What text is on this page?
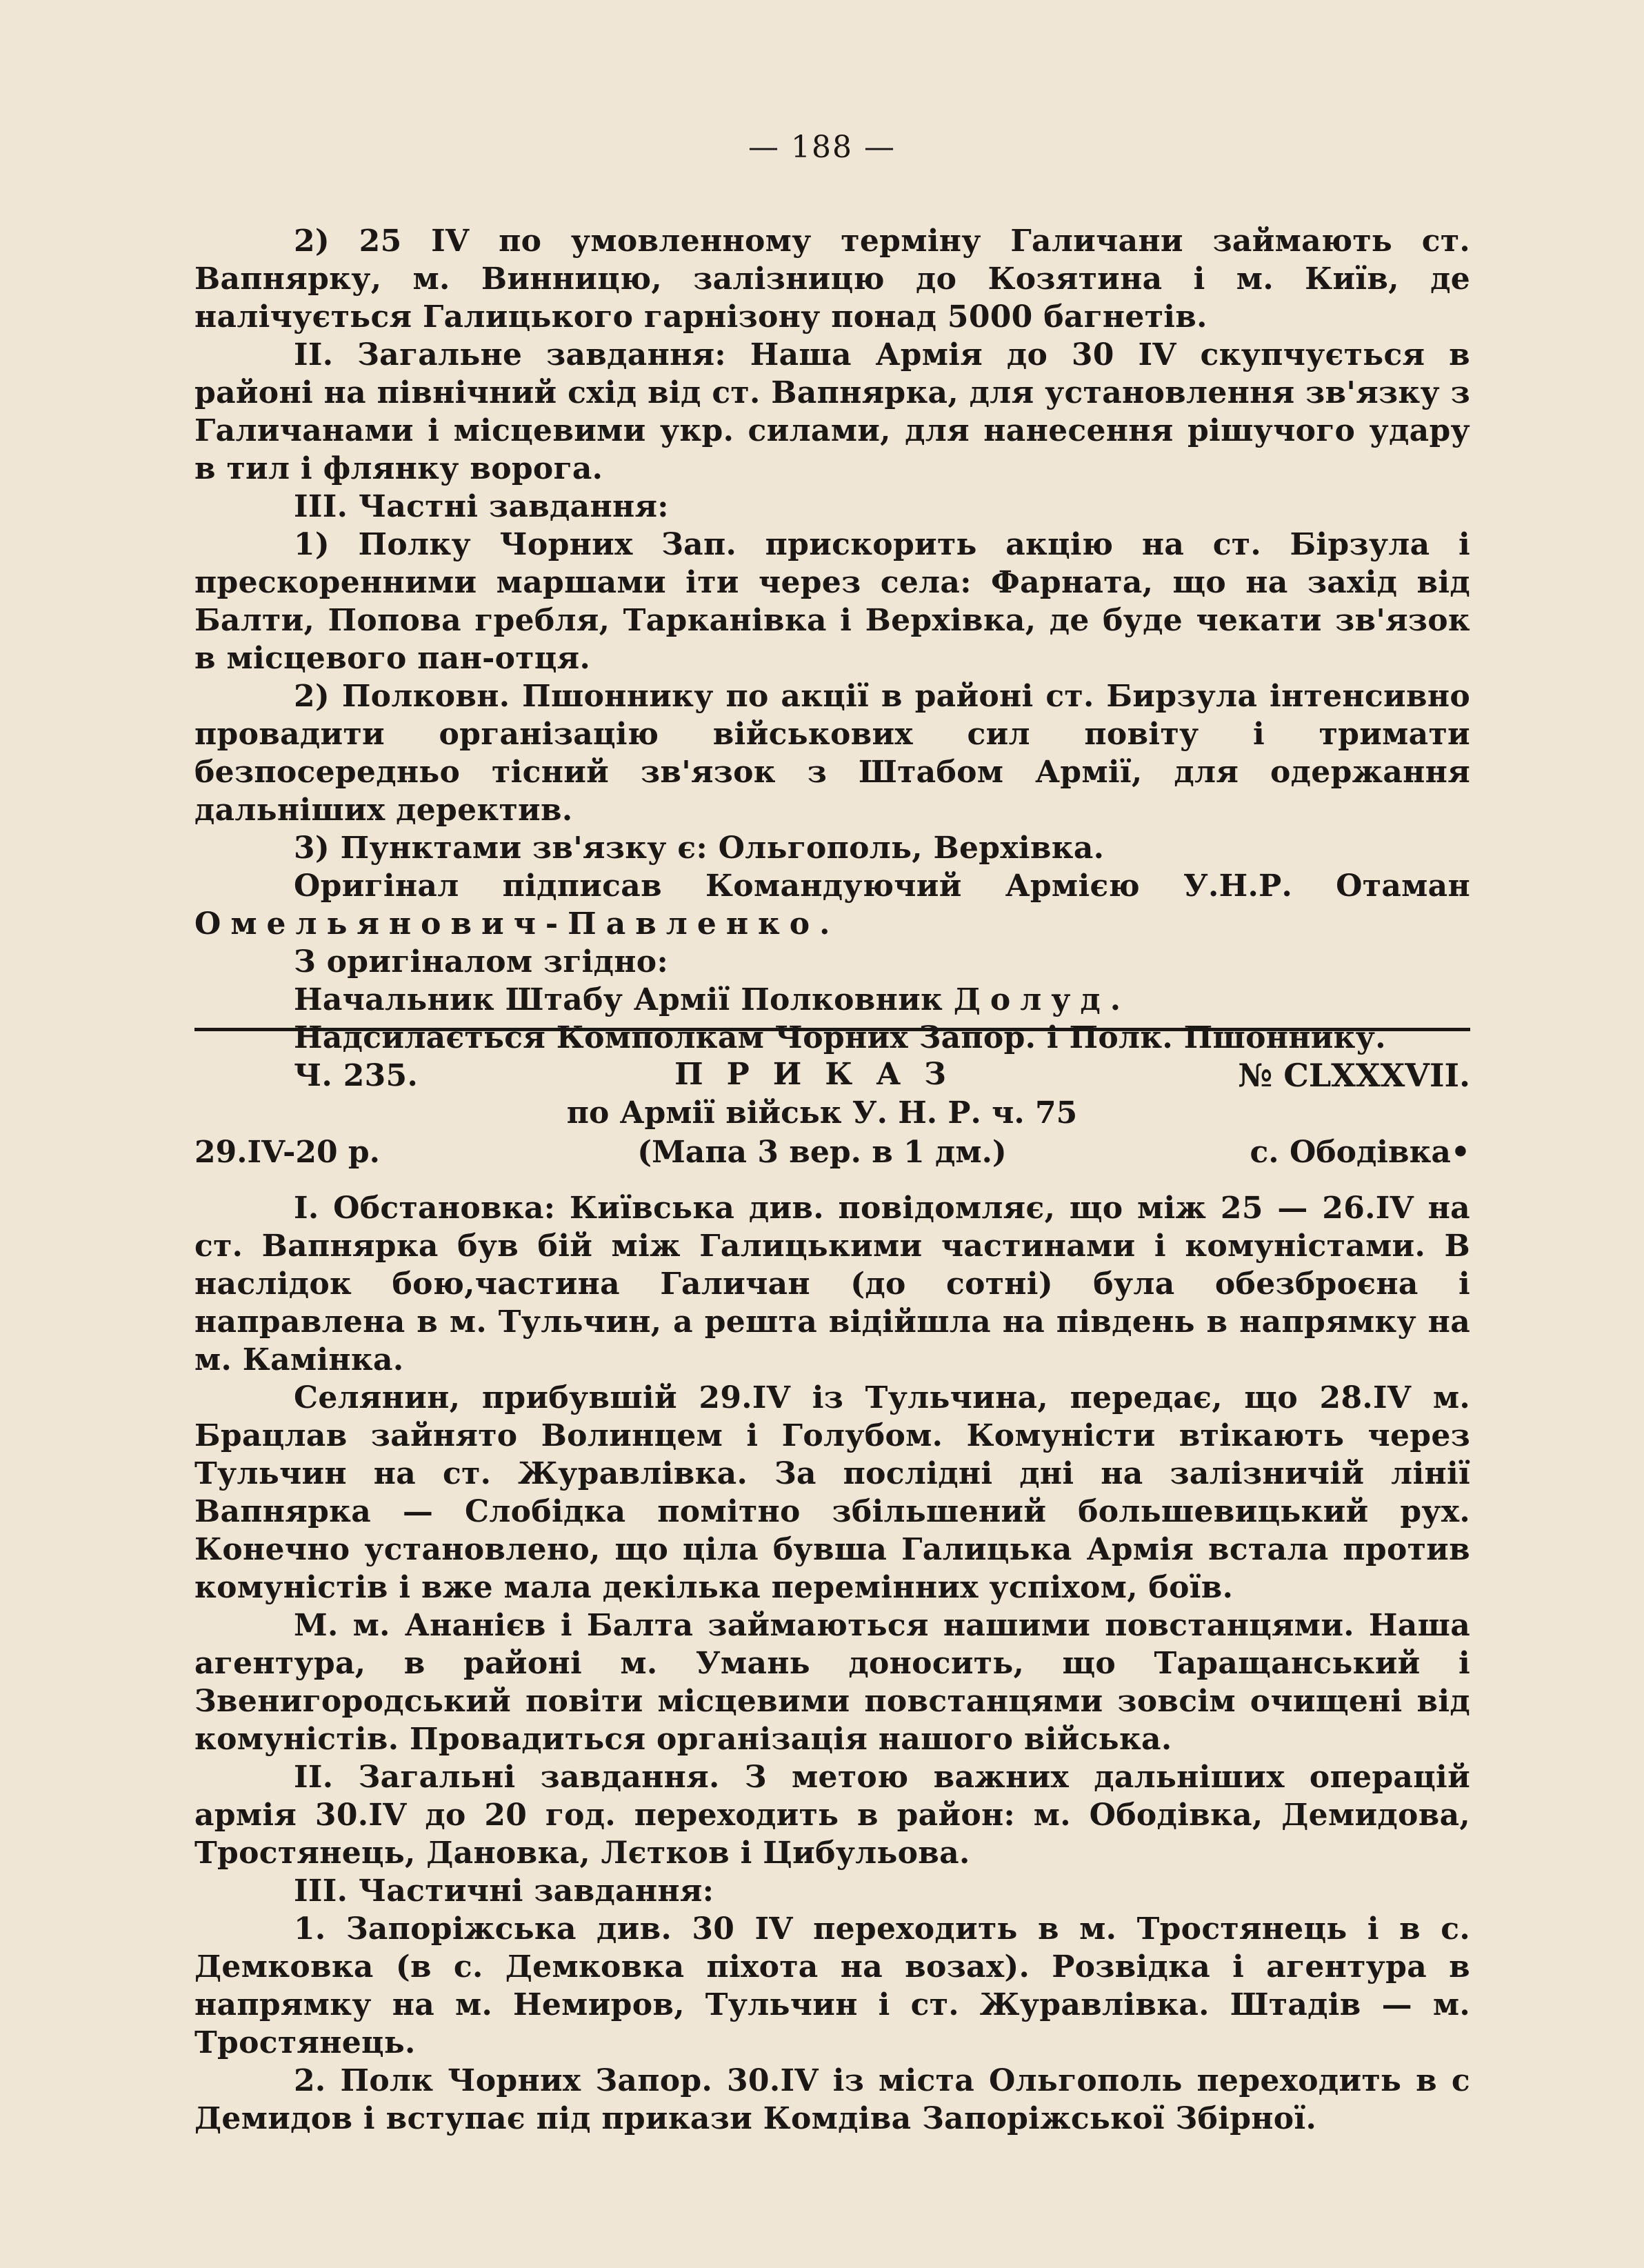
— 188 —

2) 25 IV по умовленному терміну Галичани займають ст. Вапнярку, м. Винницю, залізницю до Козятина і м. Київ, де налічується Галицького гарнізону понад 5000 багнетів.

II. Загальне завдання: Наша Армія до 30 IV скупчується в районі на північний схід від ст. Вапнярка, для установлення зв'язку з Галичанами і місцевими укр. силами, для нанесення рішучого удару в тил і флянку ворога.

III. Частні завдання:

1) Полку Чорних Зап. прискорить акцію на ст. Бірзула і прескоренними маршами іти через села: Фарната, що на захід від Балти, Попова гребля, Тарканівка і Верхівка, де буде чекати зв'язок в місцевого пан-отця.

2) Полковн. Пшоннику по акції в районі ст. Бирзула інтенсивно провадити організацію військових сил повіту і тримати безпосередньо тісний зв'язок з Штабом Армії, для одержання дальніших деректив.

3) Пунктами зв'язку є: Ольгополь, Верхівка.

Оригінал підписав Командуючий Армією У.Н.Р. Отаман Омельянович-Павленко.

З оригіналом згідно:

Начальник Штабу Армії Полковник Долуд.

Надсилається Комполкам Чорних Запор. і Полк. Пшоннику.

Ч. 235.	ПРИКАЗ	№ CLXXXVII.
по Армії військ У. Н. Р. ч. 75
29.IV-20 р.	(Мапа 3 вер. в 1 дм.)	с. Ободівка•

I. Обстановка: Київська див. повідомляє, що між 25 — 26.IV на ст. Вапнярка був бій між Галицькими частинами і комуністами. В наслідок бою,частина Галичан (до сотні) була обезброєна і направлена в м. Тульчин, а решта відійшла на південь в напрямку на м. Камінка.

Селянин, прибувшій 29.IV із Тульчина, передає, що 28.IV м. Брацлав зайнято Волинцем і Голубом. Комуністи втікають через Тульчин на ст. Журавлівка. За послідні дні на залізничій лінії Вапнярка — Слобідка помітно збільшений большевицький рух. Конечно установлено, що ціла бувша Галицька Армія встала против комуністів і вже мала декілька перемінних успіхом, боїв.

М. м. Ананієв і Балта займаються нашими повстанцями. Наша агентура, в районі м. Умань доносить, що Таращанський і Звенигородський повіти місцевими повстанцями зовсім очищені від комуністів. Провадиться організація нашого війська.

II. Загальні завдання. З метою важних дальніших операцій армія 30.IV до 20 год. переходить в район: м. Ободівка, Демидова, Тростянець, Дановка, Лєтков і Цибульова.

III. Частичні завдання:

1. Запоріжська див. 30 IV переходить в м. Тростянець і в с. Демковка (в с. Демковка піхота на возах). Розвідка і агентура в напрямку на м. Немиров, Тульчин і ст. Журавлівка. Штадів — м. Тростянець.

2. Полк Чорних Запор. 30.IV із міста Ольгополь переходить в с Демидов і вступає під прикази Комдіва Запоріжської Збірної.
